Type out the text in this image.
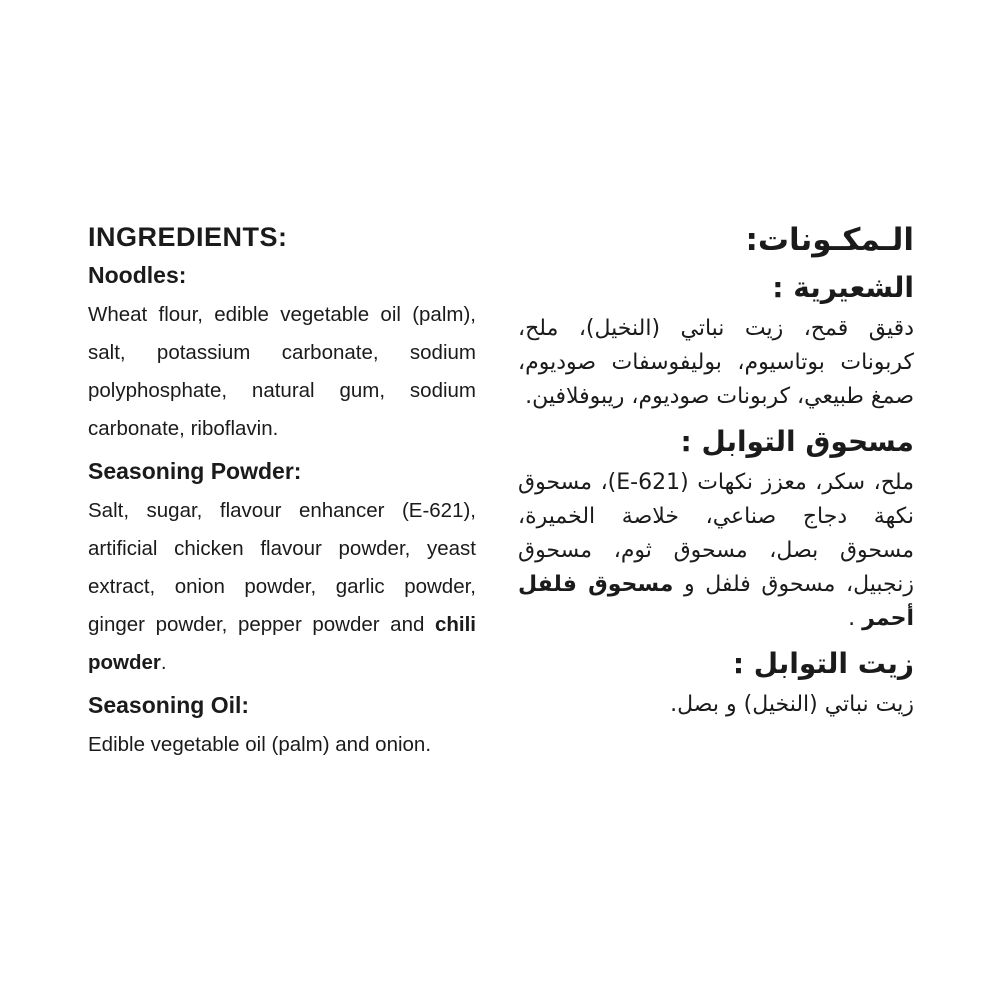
INGREDIENTS:
Noodles:

Wheat flour, edible vegetable oil (palm), salt, potassium carbonate, sodium polyphosphate, natural gum, sodium carbonate, riboflavin.

Seasoning Powder:

Salt, sugar, flavour enhancer (E-621), artificial chicken flavour powder, yeast extract, onion powder, garlic powder, ginger powder, pepper powder and chili powder.

Seasoning Oil:

Edible vegetable oil (palm) and onion.

الـمكـونات:
الشعيرية :

دقيق قمح، زيت نباتي (النخيل)، ملح، كربونات بوتاسيوم، بوليفوسفات صوديوم، صمغ طبيعي، كربونات صوديوم، ريبوفلافين.

مسحوق التوابل :

ملح، سكر، معزز نكهات (E-621)، مسحوق نكهة دجاج صناعي، خلاصة الخميرة، مسحوق بصل، مسحوق ثوم، مسحوق زنجبيل، مسحوق فلفل و مسحوق فلفل أحمر .

زيت التوابل :

زيت نباتي (النخيل) و بصل.
